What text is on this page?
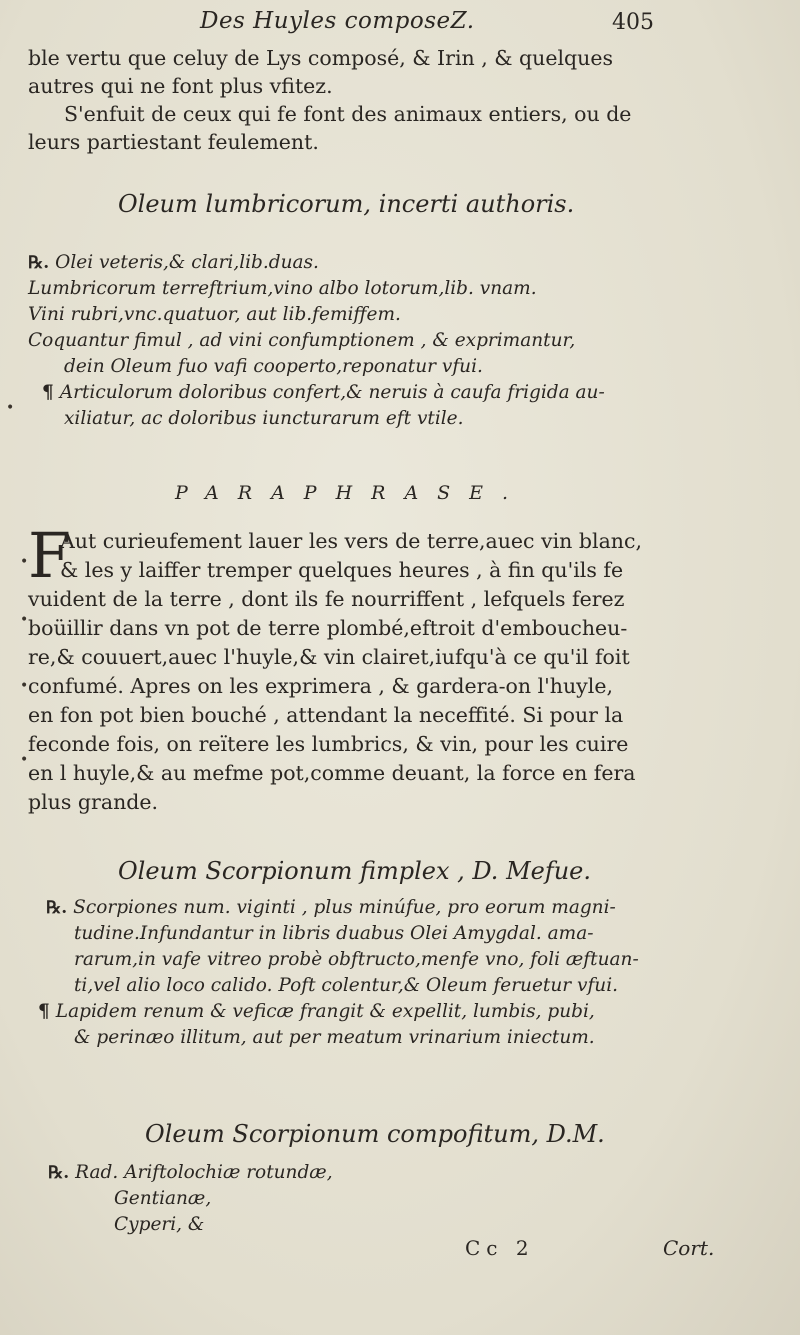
Des Huyles composeZ.	405
ble vertu que celuy de Lys composé, & Irin , & quelques
autres qui ne font plus vfitez.
S'enfuit de ceux qui fe font des animaux entiers, ou de
leurs partiestant feulement.
Oleum lumbricorum, incerti authoris.
℞. Olei veteris,& clari,lib.duas.
Lumbricorum terreftrium,vino albo lotorum,lib. vnam.
Vini rubri,vnc.quatuor, aut lib.femiffem.
Coquantur fimul , ad vini confumptionem , & exprimantur,
dein Oleum fuo vafi cooperto,reponatur vfui.
¶ Articulorum doloribus confert,& neruis à caufa frigida au-
xiliatur, ac doloribus iuncturarum eft vtile.
PARAPHRASE.
F
Aut curieufement lauer les vers de terre,auec vin blanc,
& les y laiffer tremper quelques heures , à fin qu'ils fe
vuident de la terre , dont ils fe nourriffent , lefquels ferez
boüillir dans vn pot de terre plombé,eftroit d'emboucheu-
re,& couuert,auec l'huyle,& vin clairet,iufqu'à ce qu'il foit
confumé. Apres on les exprimera , & gardera-on l'huyle,
en fon pot bien bouché , attendant la neceffité. Si pour la
feconde fois, on reïtere les lumbrics, & vin, pour les cuire
en l huyle,& au mefme pot,comme deuant, la force en fera
plus grande.
Oleum Scorpionum fimplex , D. Mefue.
℞. Scorpiones num. viginti , plus minúfue, pro eorum magni-
tudine.Infundantur in libris duabus Olei Amygdal. ama-
rarum,in vafe vitreo probè obftructo,menfe vno, foli æftuan-
ti,vel alio loco calido. Poft colentur,& Oleum feruetur vfui.
¶ Lapidem renum & veficæ frangit & expellit, lumbis, pubi,
& perinæo illitum, aut per meatum vrinarium iniectum.
Oleum Scorpionum compofitum, D.M.
℞. Rad. Ariftolochiæ rotundæ,
Gentianæ,
Cyperi, &
Cc 2	Cort.
•
•
•
•
•
